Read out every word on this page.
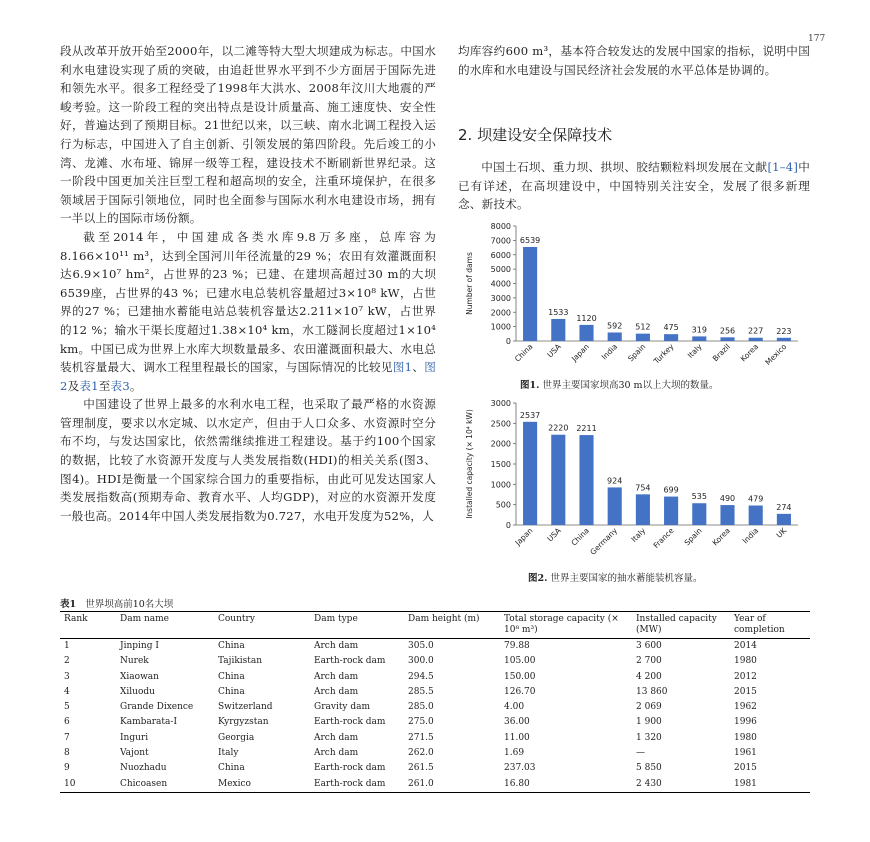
177

段从改革开放开始至2000年，以二滩等特大型大坝建成为标志。中国水利水电建设实现了质的突破，由追赶世界水平到不少方面居于国际先进和领先水平。很多工程经受了1998年大洪水、2008年汶川大地震的严峻考验。这一阶段工程的突出特点是设计质量高、施工速度快、安全性好，普遍达到了预期目标。21世纪以来，以三峡、南水北调工程投入运行为标志，中国进入了自主创新、引领发展的第四阶段。先后竣工的小湾、龙滩、水布垭、锦屏一级等工程，建设技术不断刷新世界纪录。这一阶段中国更加关注巨型工程和超高坝的安全，注重环境保护，在很多领域居于国际引领地位，同时也全面参与国际水利水电建设市场，拥有一半以上的国际市场份额。

截至2014年，中国建成各类水库9.8万多座，总库容为8.166×10¹¹ m³，达到全国河川年径流量的29 %；农田有效灌溉面积达6.9×10⁷ hm²，占世界的23 %；已建、在建坝高超过30 m的大坝6539座，占世界的43 %；已建水电总装机容量超过3×10⁸ kW，占世界的27 %；已建抽水蓄能电站总装机容量达2.211×10⁷ kW，占世界的12 %；输水干渠长度超过1.38×10⁴ km，水工隧洞长度超过1×10⁴ km。中国已成为世界上水库大坝数量最多、农田灌溉面积最大、水电总装机容量最大、调水工程里程最长的国家，与国际情况的比较见图1、图2及表1至表3。

中国建设了世界上最多的水利水电工程，也采取了最严格的水资源管理制度，要求以水定城、以水定产，但由于人口众多、水资源时空分布不均，与发达国家比，依然需继续推进工程建设。基于约100个国家的数据，比较了水资源开发度与人类发展指数(HDI)的相关关系(图3、图4)。HDI是衡量一个国家综合国力的重要指标，由此可见发达国家人类发展指数高(预期寿命、教育水平、人均GDP)，对应的水资源开发度一般也高。2014年中国人类发展指数为0.727，水电开发度为52%，人

均库容约600 m³，基本符合较发达的发展中国家的指标，说明中国的水库和水电建设与国民经济社会发展的水平总体是协调的。

2. 坝建设安全保障技术

中国土石坝、重力坝、拱坝、胶结颗粒料坝发展在文献[1–4]中已有详述，在高坝建设中，中国特别关注安全，发展了很多新理念、新技术。

0
1000
2000
3000
4000
5000
6000
7000
8000
Number of dams
6539
China
1533
USA
1120
Japan
592
India
512
Spain
475
Turkey
319
Italy
256
Brazil
227
Korea
223
Mexico
图1. 世界主要国家坝高30 m以上大坝的数量。
0
500
1000
1500
2000
2500
3000
Installed capacity (× 10⁴ kW)	2537
Japan
2220
USA
2211
China
924
Germany
754
Italy
699
France
535
Spain
490
Korea
479
India
274
UK
图2. 世界主要国家的抽水蓄能装机容量。
表1 世界坝高前10名大坝
Rank	Dam name	Country	Dam type	Dam height (m)	Total storage capacity (× 10⁸ m³)	Installed capacity (MW)	Year of completion
1	Jinping I	China	Arch dam	305.0	79.88	3 600	2014
2	Nurek	Tajikistan	Earth-rock dam	300.0	105.00	2 700	1980
3	Xiaowan	China	Arch dam	294.5	150.00	4 200	2012
4	Xiluodu	China	Arch dam	285.5	126.70	13 860	2015
5	Grande Dixence	Switzerland	Gravity dam	285.0	4.00	2 069	1962
6	Kambarata-I	Kyrgyzstan	Earth-rock dam	275.0	36.00	1 900	1996
7	Inguri	Georgia	Arch dam	271.5	11.00	1 320	1980
8	Vajont	Italy	Arch dam	262.0	1.69	—	1961
9	Nuozhadu	China	Earth-rock dam	261.5	237.03	5 850	2015
10	Chicoasen	Mexico	Earth-rock dam	261.0	16.80	2 430	1981
